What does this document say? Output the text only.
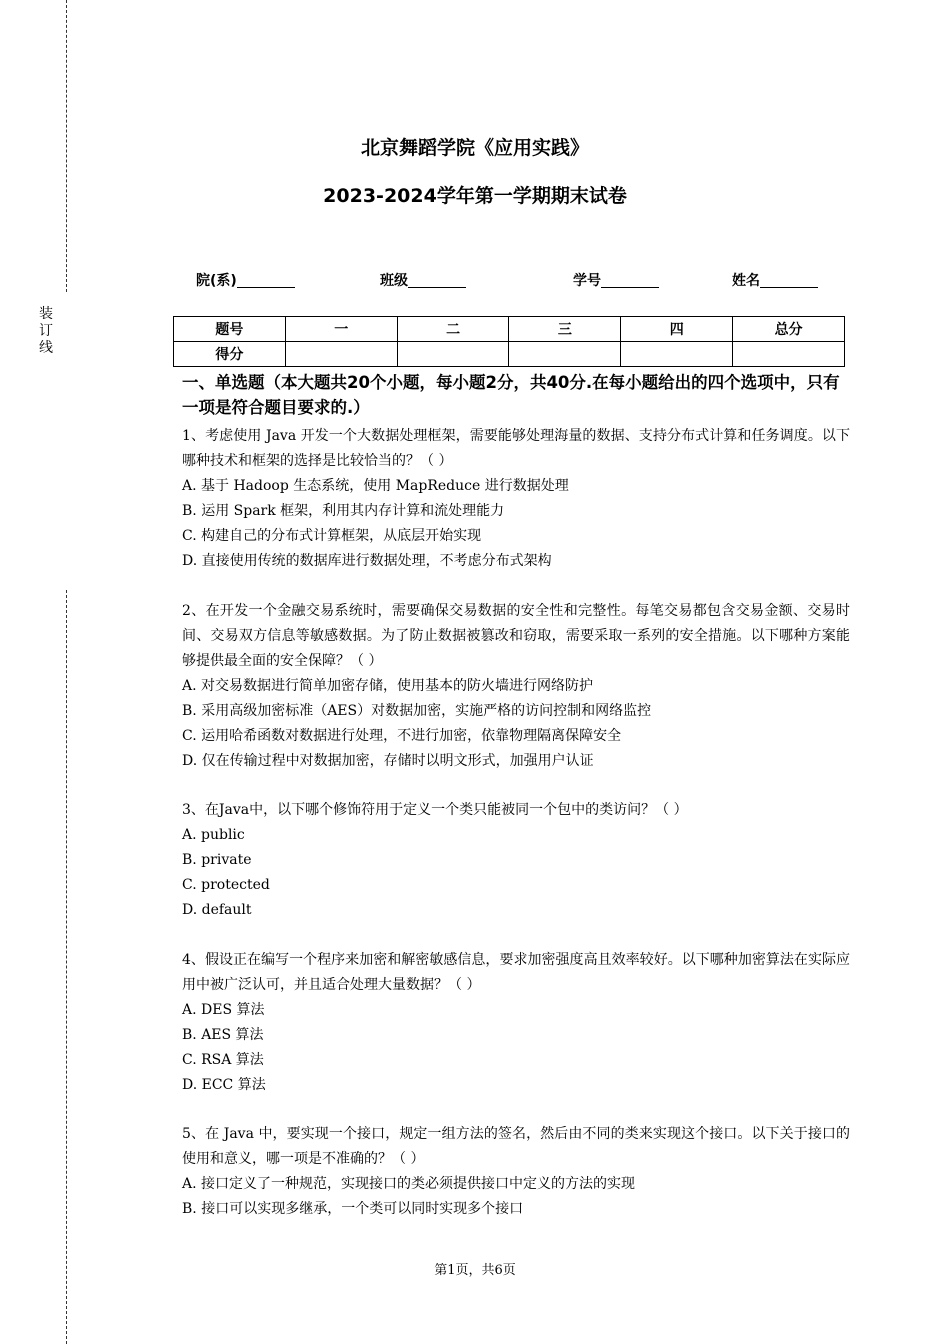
装
订
线
北京舞蹈学院《应用实践》
2023-2024学年第一学期期末试卷
院(系)	班级	学号	姓名
题号	一	二	三	四	总分
得分					

一、单选题（本大题共20个小题，每小题2分，共40分.在每小题给出的四个选项中，只有一项是符合题目要求的.）

1、考虑使用 Java 开发一个大数据处理框架，需要能够处理海量的数据、支持分布式计算和任务调度。以下哪种技术和框架的选择是比较恰当的？（ ）

A. 基于 Hadoop 生态系统，使用 MapReduce 进行数据处理

B. 运用 Spark 框架，利用其内存计算和流处理能力

C. 构建自己的分布式计算框架，从底层开始实现

D. 直接使用传统的数据库进行数据处理，不考虑分布式架构

2、在开发一个金融交易系统时，需要确保交易数据的安全性和完整性。每笔交易都包含交易金额、交易时间、交易双方信息等敏感数据。为了防止数据被篡改和窃取，需要采取一系列的安全措施。以下哪种方案能够提供最全面的安全保障？（ ）

A. 对交易数据进行简单加密存储，使用基本的防火墙进行网络防护

B. 采用高级加密标准（AES）对数据加密，实施严格的访问控制和网络监控

C. 运用哈希函数对数据进行处理，不进行加密，依靠物理隔离保障安全

D. 仅在传输过程中对数据加密，存储时以明文形式，加强用户认证

3、在Java中，以下哪个修饰符用于定义一个类只能被同一个包中的类访问？（ ）

A. public

B. private

C. protected

D. default

4、假设正在编写一个程序来加密和解密敏感信息，要求加密强度高且效率较好。以下哪种加密算法在实际应用中被广泛认可，并且适合处理大量数据？（ ）

A. DES 算法

B. AES 算法

C. RSA 算法

D. ECC 算法

5、在 Java 中，要实现一个接口，规定一组方法的签名，然后由不同的类来实现这个接口。以下关于接口的使用和意义，哪一项是不准确的？（ ）

A. 接口定义了一种规范，实现接口的类必须提供接口中定义的方法的实现

B. 接口可以实现多继承，一个类可以同时实现多个接口

第1页，共6页
